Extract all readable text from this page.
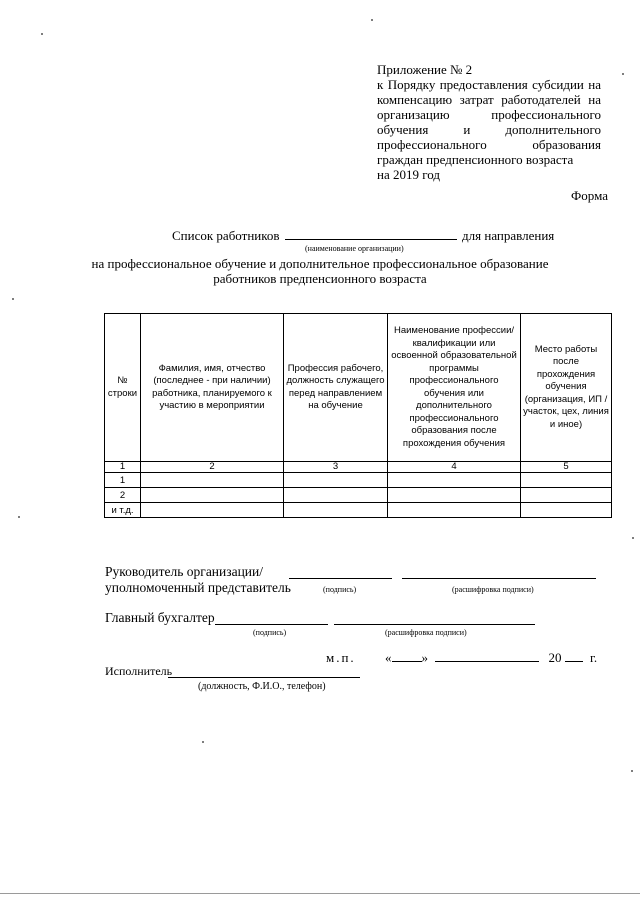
Приложение № 2
к Порядку предоставления субсидии на
компенсацию затрат работодателей на
организацию профессионального
обучения и дополнительного
профессионального образования
граждан предпенсионного возраста
на 2019 год
Форма
Список работников	для направления
(наименование организации)
на профессиональное обучение и дополнительное профессиональное образование
работников предпенсионного возраста
№ строки	Фамилия, имя, отчество (последнее - при наличии) работника, планируемого к участию в мероприятии	Профессия рабочего, должность служащего перед направлением на обучение	Наименование профессии/квалификации или освоенной образовательной программы профессионального обучения или дополнительного профессионального образования после прохождения обучения	Место работы после прохождения обучения (организация, ИП / участок, цех, линия и иное)
1	2	3	4	5
1				
2				
и т.д.				
Руководитель организации/
уполномоченный представитель	(подпись)	(расшифровка подписи)
Главный бухгалтер
(подпись)	(расшифровка подписи)
м.п. « »	20 г.
Исполнитель
(должность, Ф.И.О., телефон)
